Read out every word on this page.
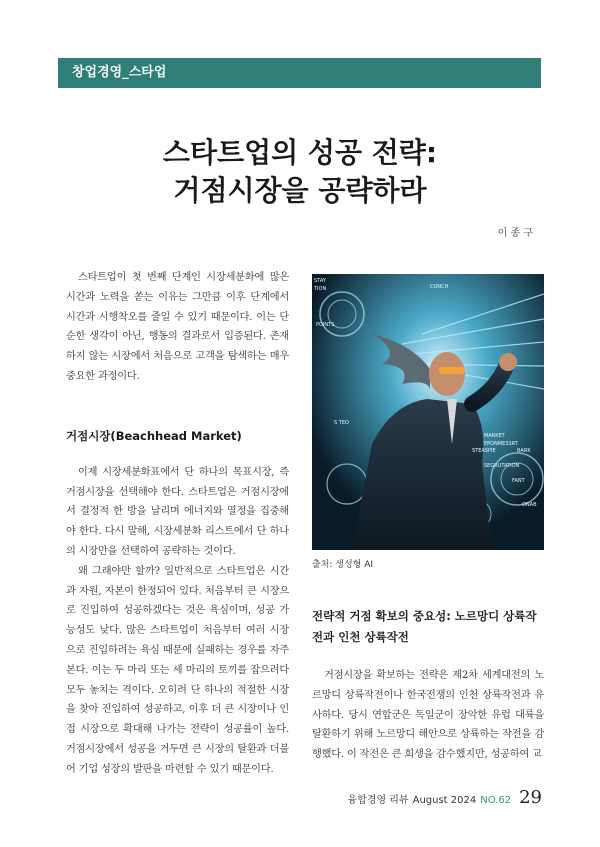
창업경영_스타업
스타트업의 성공 전략:
거점시장을 공략하라
이 종 구

스타트업이 첫 번째 단계인 시장세분화에 많은 시간과 노력을 쏟는 이유는 그만큼 이후 단계에서 시간과 시행착오를 줄일 수 있기 때문이다. 이는 단순한 생각이 아닌, 행동의 결과로서 입증된다. 존재하지 않는 시장에서 처음으로 고객을 탐색하는 매우 중요한 과정이다.

거점시장(Beachhead Market)

이제 시장세분화표에서 단 하나의 목표시장, 즉 거점시장을 선택해야 한다. 스타트업은 거점시장에서 결정적 한 방을 날리며 에너지와 열정을 집중해야 한다. 다시 말해, 시장세분화 리스트에서 단 하나의 시장만을 선택하여 공략하는 것이다.

왜 그래야만 할까? 일반적으로 스타트업은 시간과 자원, 자본이 한정되어 있다. 처음부터 큰 시장으로 진입하여 성공하겠다는 것은 욕심이며, 성공 가능성도 낮다. 많은 스타트업이 처음부터 여러 시장으로 진입하려는 욕심 때문에 실패하는 경우를 자주 본다. 이는 두 마리 또는 세 마리의 토끼를 잡으려다 모두 놓치는 격이다. 오히려 단 하나의 적절한 시장을 찾아 진입하여 성공하고, 이후 더 큰 시장이나 인접 시장으로 확대해 나가는 전략이 성공률이 높다. 거점시장에서 성공을 거두면 큰 시장의 탈환과 더불어 기업 성장의 발판을 마련할 수 있기 때문이다.

STAY
TION
POINTS
S TEO
MARKET
EPONMESSRT
STEASPIE	BARK
SEGRUTATION
FANT
ONAB
CONCH
출처: 생성형 AI
전략적 거점 확보의 중요성: 노르망디 상륙작전과 인천 상륙작전

거점시장을 확보하는 전략은 제2차 세계대전의 노르망디 상륙작전이나 한국전쟁의 인천 상륙작전과 유사하다. 당시 연합군은 독일군이 장악한 유럽 대륙을 탈환하기 위해 노르망디 해안으로 상륙하는 작전을 감행했다. 이 작전은 큰 희생을 감수했지만, 성공하여 교

융합경영 리뷰 August 2024 NO.62 29
